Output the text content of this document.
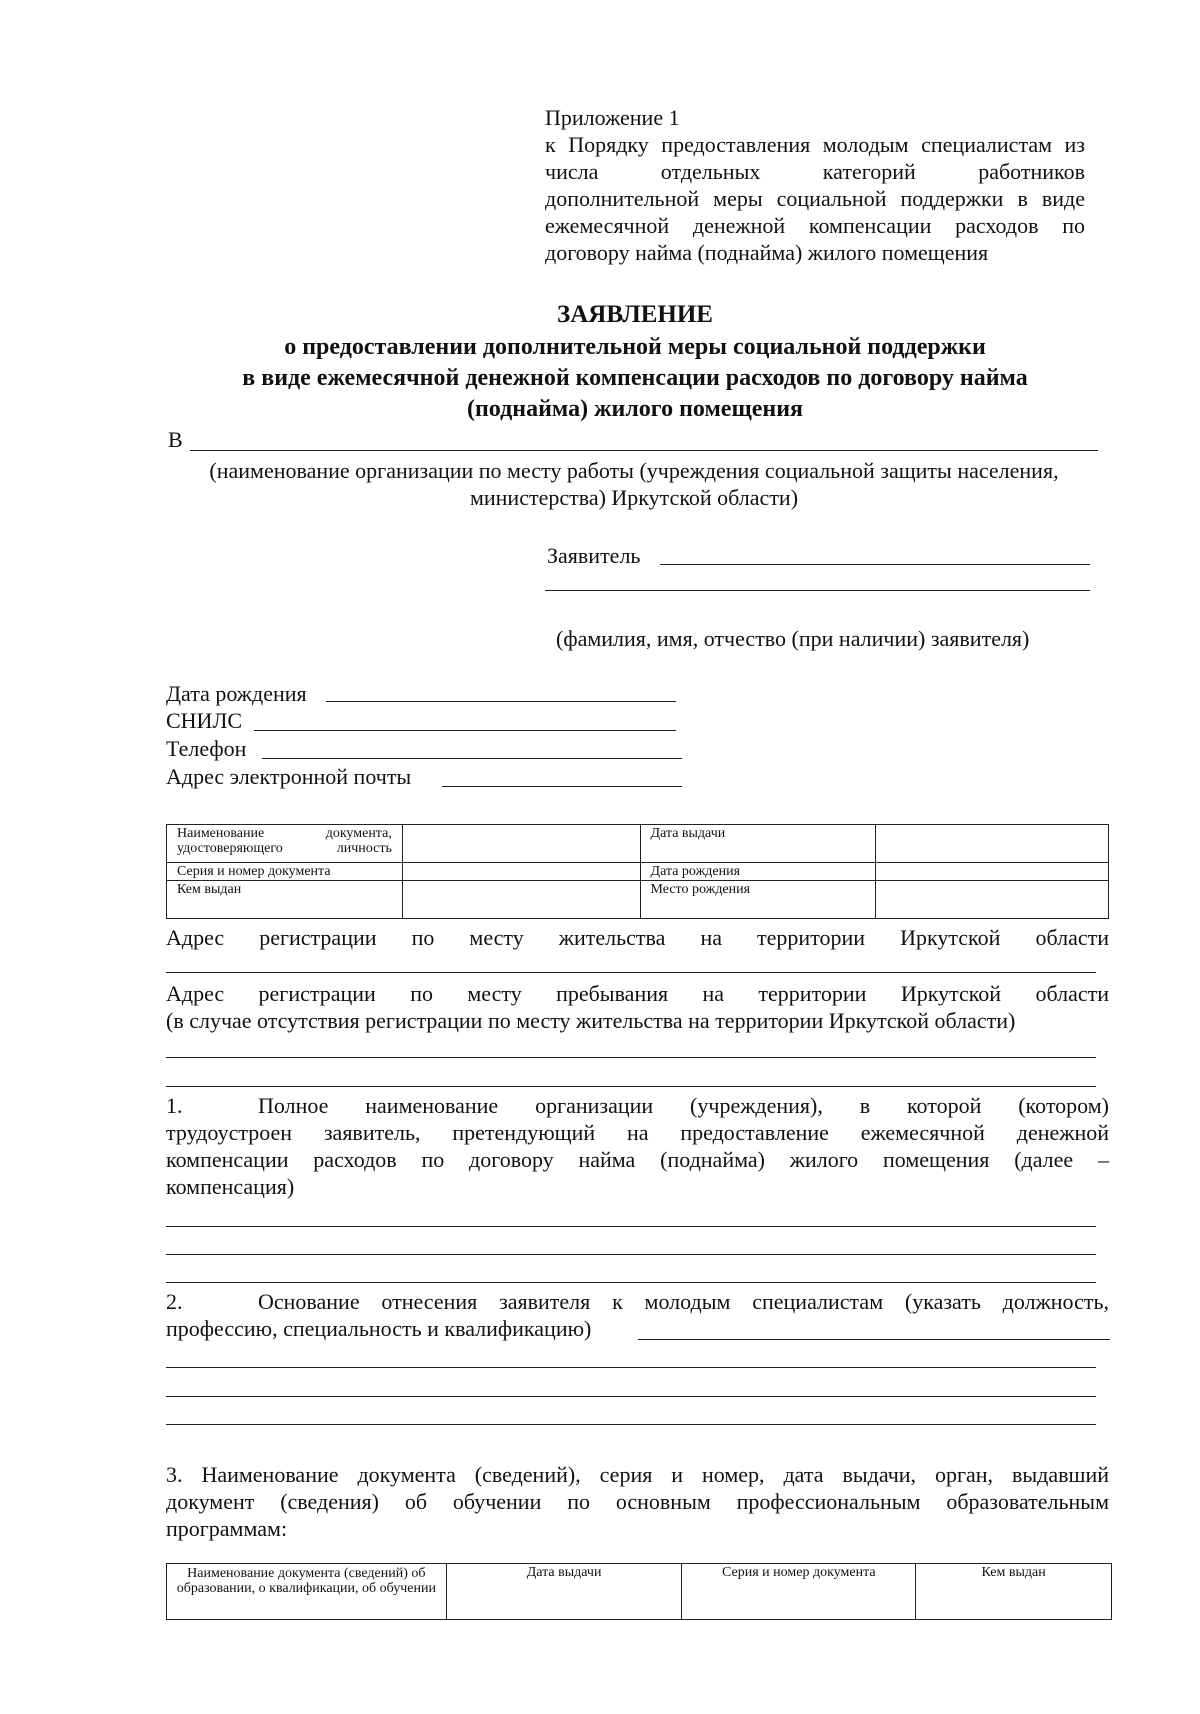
Приложение 1
к Порядку предоставления молодым специалистам из
числа отдельных категорий работников
дополнительной меры социальной поддержки в виде
ежемесячной денежной компенсации расходов по
договору найма (поднайма) жилого помещения
ЗАЯВЛЕНИЕ
о предоставлении дополнительной меры социальной поддержки
в виде ежемесячной денежной компенсации расходов по договору найма
(поднайма) жилого помещения
В
(наименование организации по месту работы (учреждения социальной защиты населения,
министерства) Иркутской области)
Заявитель
(фамилия, имя, отчество (при наличии) заявителя)
Дата рождения
СНИЛС
Телефон
Адрес электронной почты
Наименование документа, удостоверяющего личность		Дата выдачи	
Серия и номер документа		Дата рождения	
Кем выдан		Место рождения	
Адрес регистрации по месту жительства на территории Иркутской области
Адрес регистрации по месту пребывания на территории Иркутской области
(в случае отсутствия регистрации по месту жительства на территории Иркутской области)
1.	Полное наименование организации (учреждения), в которой (котором)
трудоустроен заявитель, претендующий на предоставление ежемесячной денежной
компенсации расходов по договору найма (поднайма) жилого помещения (далее –
компенсация)
2.	Основание отнесения заявителя к молодым специалистам (указать должность,
профессию, специальность и квалификацию)
3. Наименование документа (сведений), серия и номер, дата выдачи, орган, выдавший
документ (сведения) об обучении по основным профессиональным образовательным
программам:
Наименование документа (сведений) об образовании, о квалификации, об обучении	Дата выдачи	Серия и номер документа	Кем выдан
